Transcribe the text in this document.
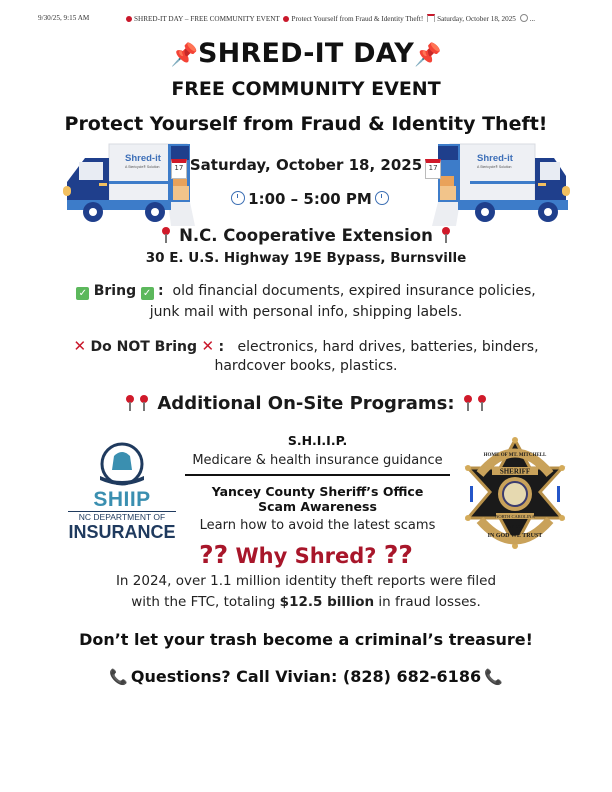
9/30/25, 9:15 AM	SHRED-IT DAY – FREE COMMUNITY EVENT Protect Yourself from Fraud & Identity Theft! Saturday, October 18, 2025 ...
📌SHRED-IT DAY📌
FREE COMMUNITY EVENT
Protect Yourself from Fraud & Identity Theft!
Shred-it
A Stericycle® Solution
Shred-it
A Stericycle® Solution
17 Saturday, October 18, 2025 17
1:00 – 5:00 PM
N.C. Cooperative Extension
30 E. U.S. Highway 19E Bypass, Burnsville
✓ Bring ✓ : old financial documents, expired insurance policies,
junk mail with personal info, shipping labels.
✕ Do NOT Bring ✕ : electronics, hard drives, batteries, binders,
hardcover books, plastics.
Additional On-Site Programs:
SHIIP
NC DEPARTMENT OF
INSURANCE
S.H.I.I.P.
Medicare & health insurance guidance
Yancey County Sheriff’s Office
Scam Awareness
Learn how to avoid the latest scams
SHERIFF
NORTH CAROLINA
HOME OF MT. MITCHELL
IN GOD WE TRUST
EST. 1833
?? Why Shred? ??
In 2024, over 1.1 million identity theft reports were filed
with the FTC, totaling $12.5 billion in fraud losses.
Don’t let your trash become a criminal’s treasure!
📞 Questions? Call Vivian: (828) 682-6186 📞
